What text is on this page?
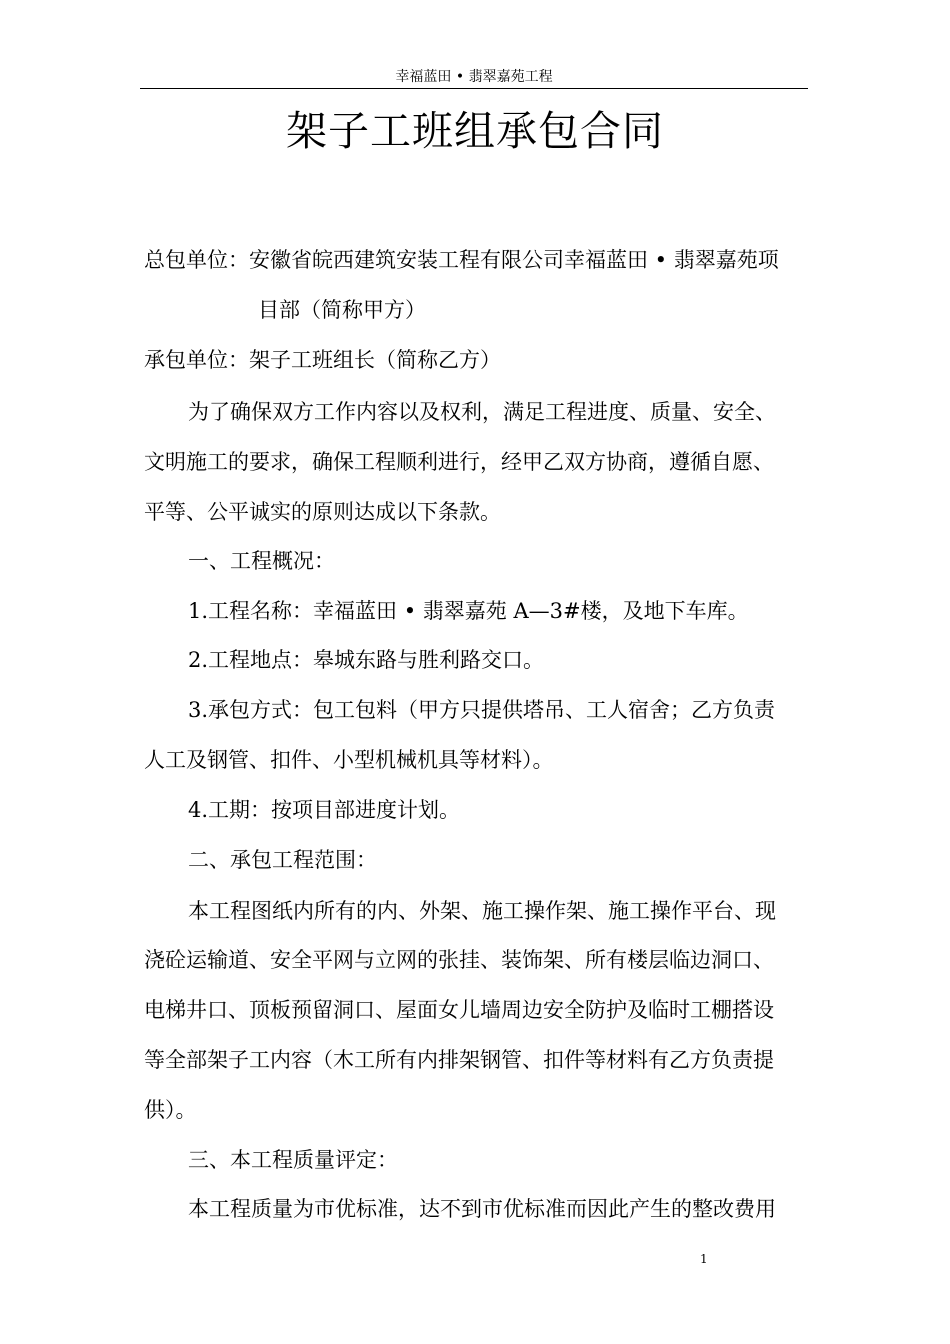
幸福蓝田 • 翡翠嘉苑工程
架子工班组承包合同
总包单位：安徽省皖西建筑安装工程有限公司幸福蓝田 • 翡翠嘉苑项
目部（简称甲方）
承包单位：架子工班组长（简称乙方）
为了确保双方工作内容以及权利，满足工程进度、质量、安全、
文明施工的要求，确保工程顺利进行，经甲乙双方协商，遵循自愿、
平等、公平诚实的原则达成以下条款。
一、工程概况：
1.工程名称：幸福蓝田 • 翡翠嘉苑 A—3#楼，及地下车库。
2.工程地点：皋城东路与胜利路交口。
3.承包方式：包工包料（甲方只提供塔吊、工人宿舍；乙方负责
人工及钢管、扣件、小型机械机具等材料）。
4.工期：按项目部进度计划。
二、承包工程范围：
本工程图纸内所有的内、外架、施工操作架、施工操作平台、现
浇砼运输道、安全平网与立网的张挂、装饰架、所有楼层临边洞口、
电梯井口、顶板预留洞口、屋面女儿墙周边安全防护及临时工棚搭设
等全部架子工内容（木工所有内排架钢管、扣件等材料有乙方负责提
供）。
三、本工程质量评定：
本工程质量为市优标准，达不到市优标准而因此产生的整改费用
1
